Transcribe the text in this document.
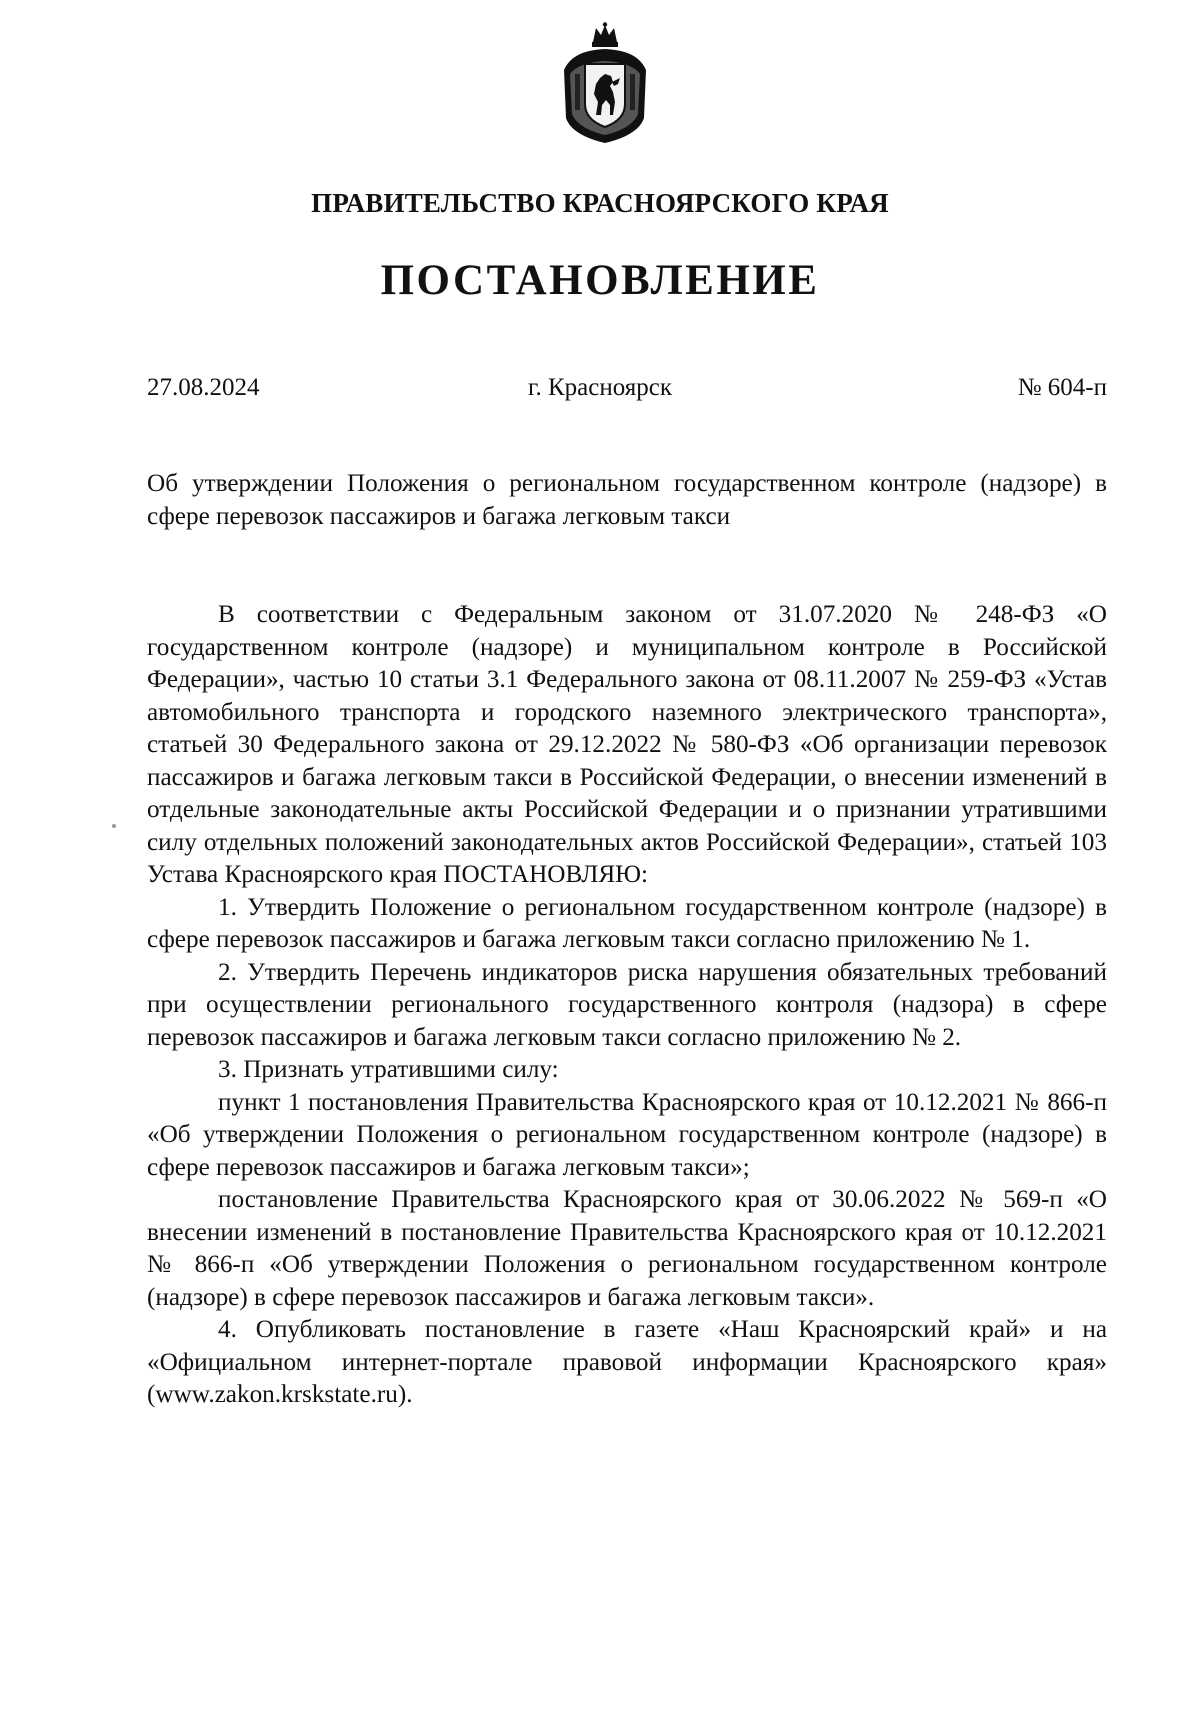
ПРАВИТЕЛЬСТВО КРАСНОЯРСКОГО КРАЯ
ПОСТАНОВЛЕНИЕ
27.08.2024	г. Красноярск	№ 604-п

Об утверждении Положения о региональном государственном контроле (надзоре) в сфере перевозок пассажиров и багажа легковым такси

В соответствии с Федеральным законом от 31.07.2020 № 248-ФЗ «О государственном контроле (надзоре) и муниципальном контроле в Российской Федерации», частью 10 статьи 3.1 Федерального закона от 08.11.2007 № 259-ФЗ «Устав автомобильного транспорта и городского наземного электрического транспорта», статьей 30 Федерального закона от 29.12.2022 № 580-ФЗ «Об организации перевозок пассажиров и багажа легковым такси в Российской Федерации, о внесении изменений в отдельные законодательные акты Российской Федерации и о признании утратившими силу отдельных положений законодательных актов Российской Федерации», статьей 103 Устава Красноярского края ПОСТАНОВЛЯЮ:

1. Утвердить Положение о региональном государственном контроле (надзоре) в сфере перевозок пассажиров и багажа легковым такси согласно приложению № 1.

2. Утвердить Перечень индикаторов риска нарушения обязательных требований при осуществлении регионального государственного контроля (надзора) в сфере перевозок пассажиров и багажа легковым такси согласно приложению № 2.

3. Признать утратившими силу:

пункт 1 постановления Правительства Красноярского края от 10.12.2021 № 866-п «Об утверждении Положения о региональном государственном контроле (надзоре) в сфере перевозок пассажиров и багажа легковым такси»;

постановление Правительства Красноярского края от 30.06.2022 № 569-п «О внесении изменений в постановление Правительства Красноярского края от 10.12.2021 № 866-п «Об утверждении Положения о региональном государственном контроле (надзоре) в сфере перевозок пассажиров и багажа легковым такси».

4. Опубликовать постановление в газете «Наш Красноярский край» и на «Официальном интернет-портале правовой информации Красноярского края» (www.zakon.krskstate.ru).
